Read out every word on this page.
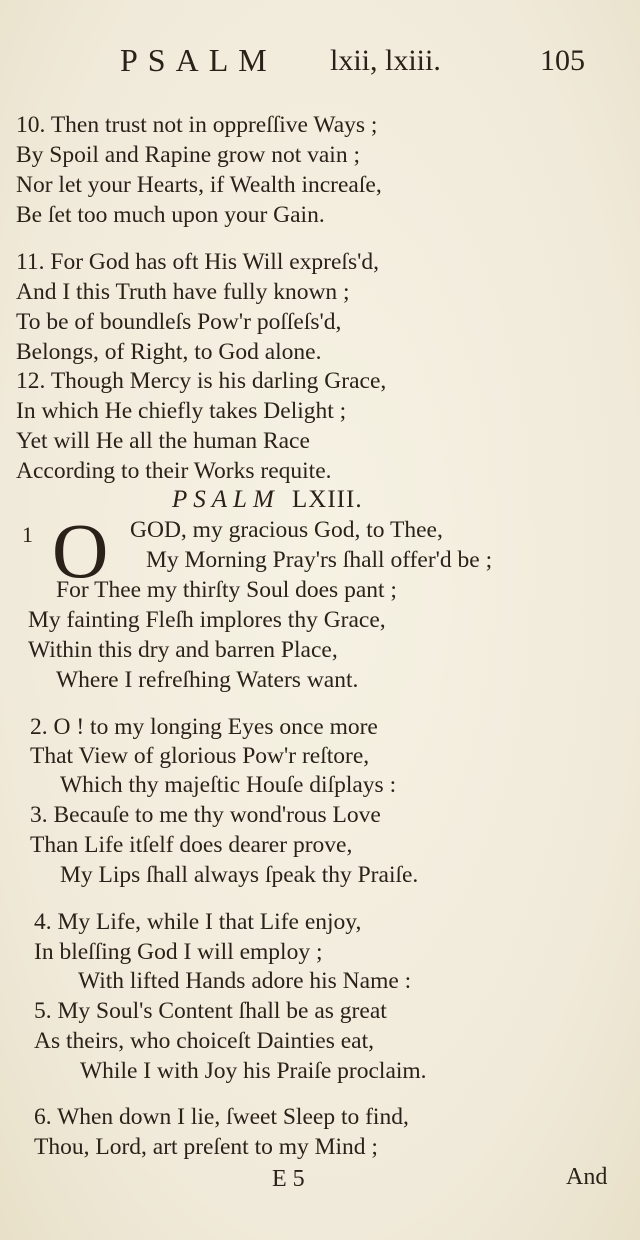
PSALM lxii, lxiii.	105
10. Then trust not in oppreſſive Ways ;
By Spoil and Rapine grow not vain ;
Nor let your Hearts, if Wealth increaſe,
Be ſet too much upon your Gain.
11. For God has oft His Will expreſs'd,
And I this Truth have fully known ;
To be of boundleſs Pow'r poſſeſs'd,
Belongs, of Right, to God alone.
12. Though Mercy is his darling Grace,
In which He chiefly takes Delight ;
Yet will He all the human Race
According to their Works requite.
PSALM LXIII.
1 O GOD, my gracious God, to Thee,
My Morning Pray'rs ſhall offer'd be ;
For Thee my thirſty Soul does pant ;
My fainting Fleſh implores thy Grace,
Within this dry and barren Place,
Where I refreſhing Waters want.
2. O ! to my longing Eyes once more
That View of glorious Pow'r reſtore,
Which thy majeſtic Houſe diſplays :
3. Becauſe to me thy wond'rous Love
Than Life itſelf does dearer prove,
My Lips ſhall always ſpeak thy Praiſe.
4. My Life, while I that Life enjoy,
In bleſſing God I will employ ;
With lifted Hands adore his Name :
5. My Soul's Content ſhall be as great
As theirs, who choiceſt Dainties eat,
While I with Joy his Praiſe proclaim.
6. When down I lie, ſweet Sleep to find,
Thou, Lord, art preſent to my Mind ;
E 5	And
